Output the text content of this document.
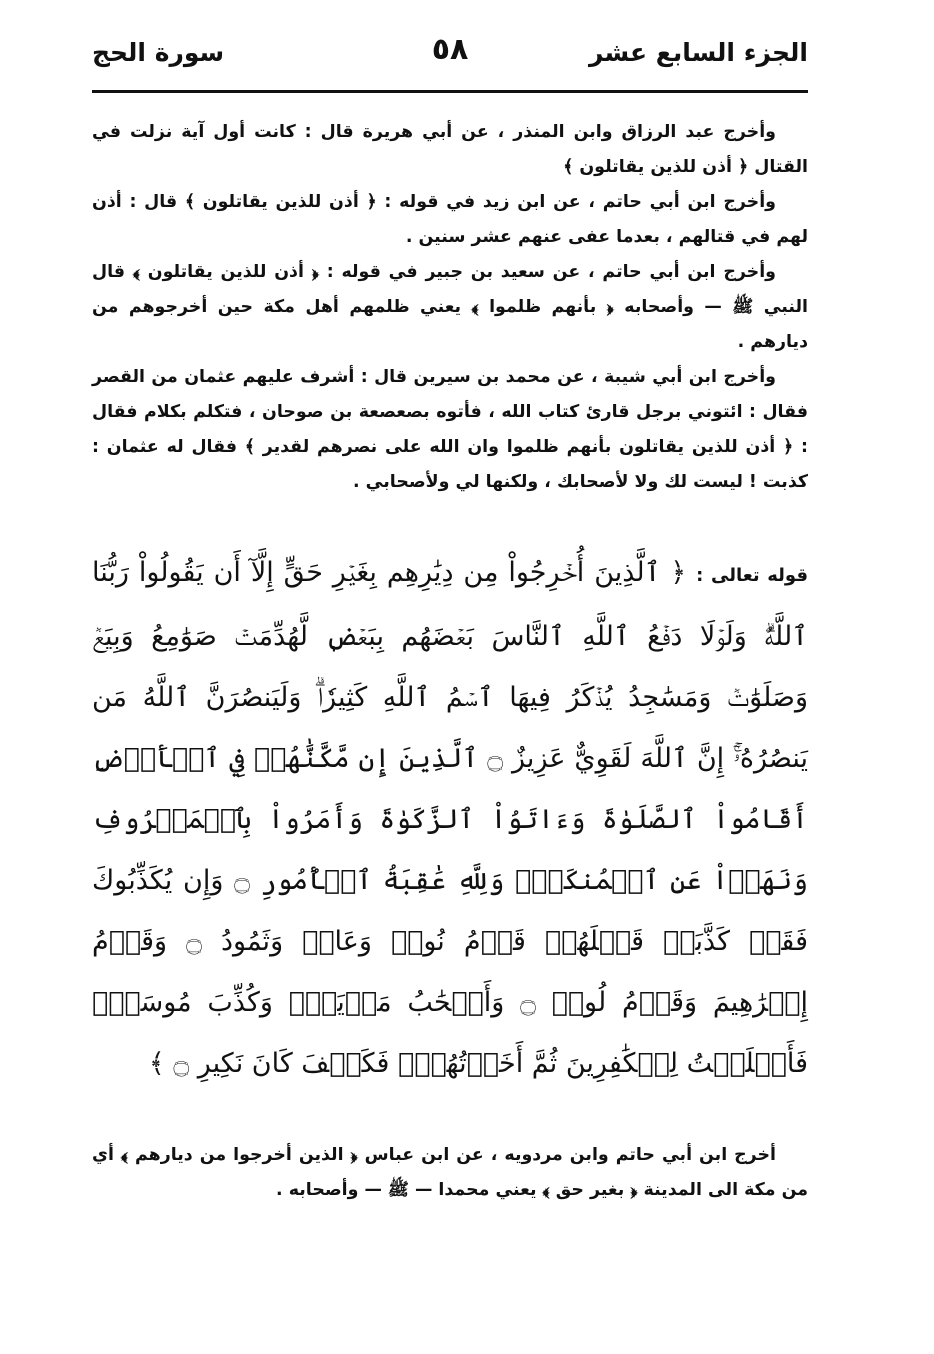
الجزء السابع عشر
٥٨
سورة الحج

وأخرج عبد الرزاق وابن المنذر ، عن أبي هريرة قال : كانت أول آية نزلت في القتال ﴿ أذن للذين يقاتلون ﴾

وأخرج ابن أبي حاتم ، عن ابن زيد في قوله : ﴿ أذن للذين يقاتلون ﴾ قال : أذن لهم في قتالهم ، بعدما عفى عنهم عشر سنين .

وأخرج ابن أبي حاتم ، عن سعيد بن جبير في قوله : ﴿ أذن للذين يقاتلون ﴾ قال النبي ﷺ — وأصحابه ﴿ بأنهم ظلموا ﴾ يعني ظلمهم أهل مكة حين أخرجوهم من ديارهم .

وأخرج ابن أبي شيبة ، عن محمد بن سيرين قال : أشرف عليهم عثمان من القصر فقال : ائتوني برجل قارئ كتاب الله ، فأتوه بصعصعة بن صوحان ، فتكلم بكلام فقال : ﴿ أذن للذين يقاتلون بأنهم ظلموا وان الله على نصرهم لقدير ﴾ فقال له عثمان : كذبت ! ليست لك ولا لأصحابك ، ولكنها لي ولأصحابي .

قوله تعالى : ﴿ ٱلَّذِينَ أُخۡرِجُواْ مِن دِيَٰرِهِم بِغَيۡرِ حَقٍّ إِلَّآ أَن يَقُولُواْ رَبُّنَا ٱللَّهُۗ وَلَوۡلَا دَفۡعُ ٱللَّهِ ٱلنَّاسَ بَعۡضَهُم بِبَعۡضٖ لَّهُدِّمَتۡ صَوَٰمِعُ وَبِيَعٞ وَصَلَوَٰتٞ وَمَسَٰجِدُ يُذۡكَرُ فِيهَا ٱسۡمُ ٱللَّهِ كَثِيرٗاۗ وَلَيَنصُرَنَّ ٱللَّهُ مَن يَنصُرُهُۥٓۚ إِنَّ ٱللَّهَ لَقَوِيٌّ عَزِيزٌ ۝ ٱلَّذِينَ إِن مَّكَّنَّٰهُمۡ فِي ٱلۡأَرۡضِ أَقَامُواْ ٱلصَّلَوٰةَ وَءَاتَوُاْ ٱلزَّكَوٰةَ وَأَمَرُواْ بِٱلۡمَعۡرُوفِ وَنَهَوۡاْ عَنِ ٱلۡمُنكَرِۗ وَلِلَّهِ عَٰقِبَةُ ٱلۡأُمُورِ ۝ وَإِن يُكَذِّبُوكَ فَقَدۡ كَذَّبَتۡ قَبۡلَهُمۡ قَوۡمُ نُوحٖ وَعَادٞ وَثَمُودُ ۝ وَقَوۡمُ إِبۡرَٰهِيمَ وَقَوۡمُ لُوطٖ ۝ وَأَصۡحَٰبُ مَدۡيَنَۖ وَكُذِّبَ مُوسَىٰۖ فَأَمۡلَيۡتُ لِلۡكَٰفِرِينَ ثُمَّ أَخَذۡتُهُمۡۖ فَكَيۡفَ كَانَ نَكِيرِ ۝ ﴾

أخرج ابن أبي حاتم وابن مردويه ، عن ابن عباس ﴿ الذين أخرجوا من ديارهم ﴾ أي من مكة الى المدينة ﴿ بغير حق ﴾ يعني محمدا — ﷺ — وأصحابه .
